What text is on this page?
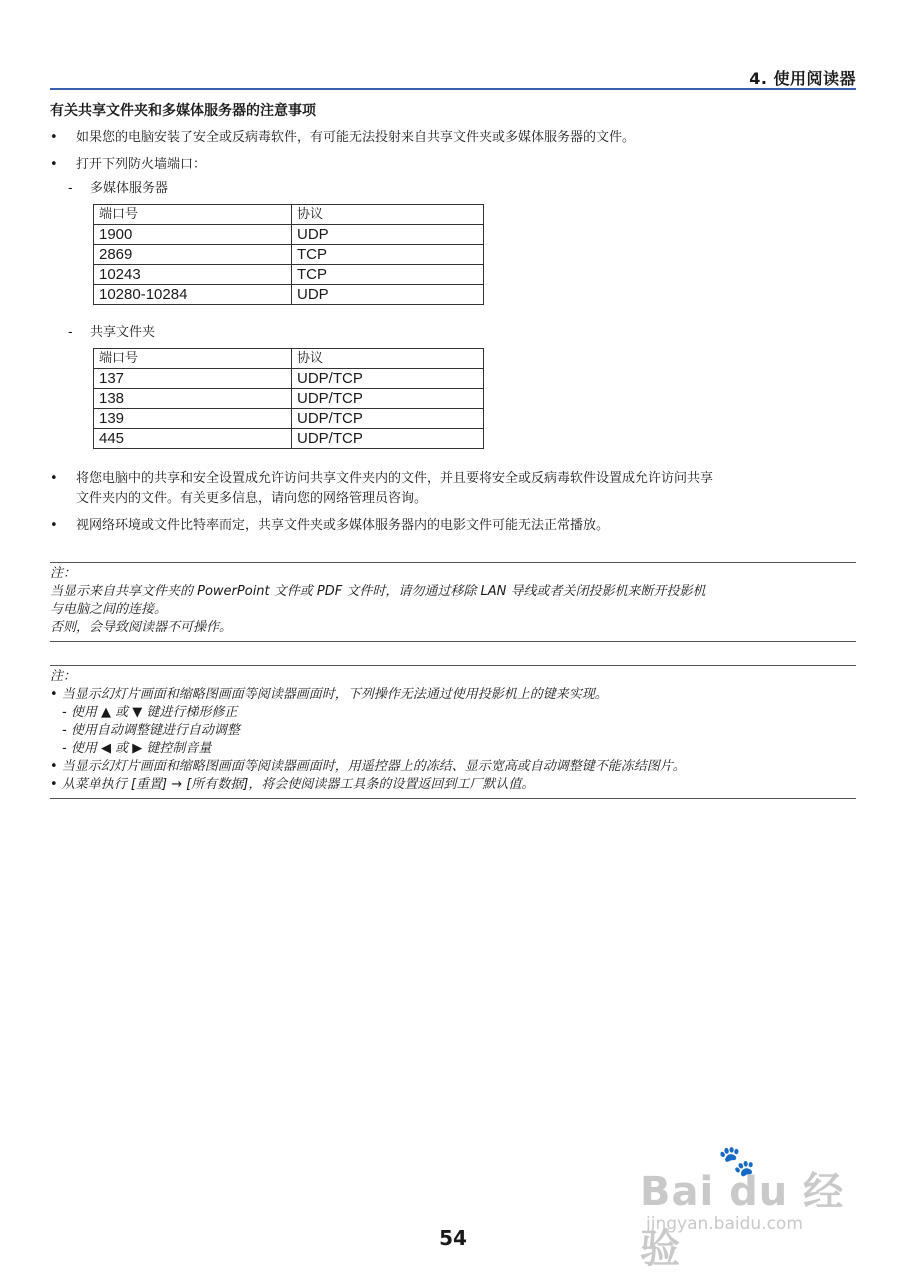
4. 使用阅读器
有关共享文件夹和多媒体服务器的注意事项
• 如果您的电脑安装了安全或反病毒软件，有可能无法投射来自共享文件夹或多媒体服务器的文件。
• 打开下列防火墙端口：
- 多媒体服务器
端口号	协议
1900	UDP
2869	TCP
10243	TCP
10280-10284	UDP
- 共享文件夹
端口号	协议
137	UDP/TCP
138	UDP/TCP
139	UDP/TCP
445	UDP/TCP
• 将您电脑中的共享和安全设置成允许访问共享文件夹内的文件，并且要将安全或反病毒软件设置成允许访问共享
文件夹内的文件。有关更多信息，请向您的网络管理员咨询。
• 视网络环境或文件比特率而定，共享文件夹或多媒体服务器内的电影文件可能无法正常播放。
注：
当显示来自共享文件夹的 PowerPoint 文件或 PDF 文件时，请勿通过移除 LAN 导线或者关闭投影机来断开投影机
与电脑之间的连接。
否则，会导致阅读器不可操作。
注：
• 当显示幻灯片画面和缩略图画面等阅读器画面时，下列操作无法通过使用投影机上的键来实现。
- 使用 ▲ 或 ▼ 键进行梯形修正
- 使用自动调整键进行自动调整
- 使用 ◀ 或 ▶ 键控制音量
• 当显示幻灯片画面和缩略图画面等阅读器画面时，用遥控器上的冻结、显示宽高或自动调整键不能冻结图片。
• 从菜单执行 [重置] → [所有数据]，将会使阅读器工具条的设置返回到工厂默认值。
54
🐾
Bai du 经验
jingyan.baidu.com
